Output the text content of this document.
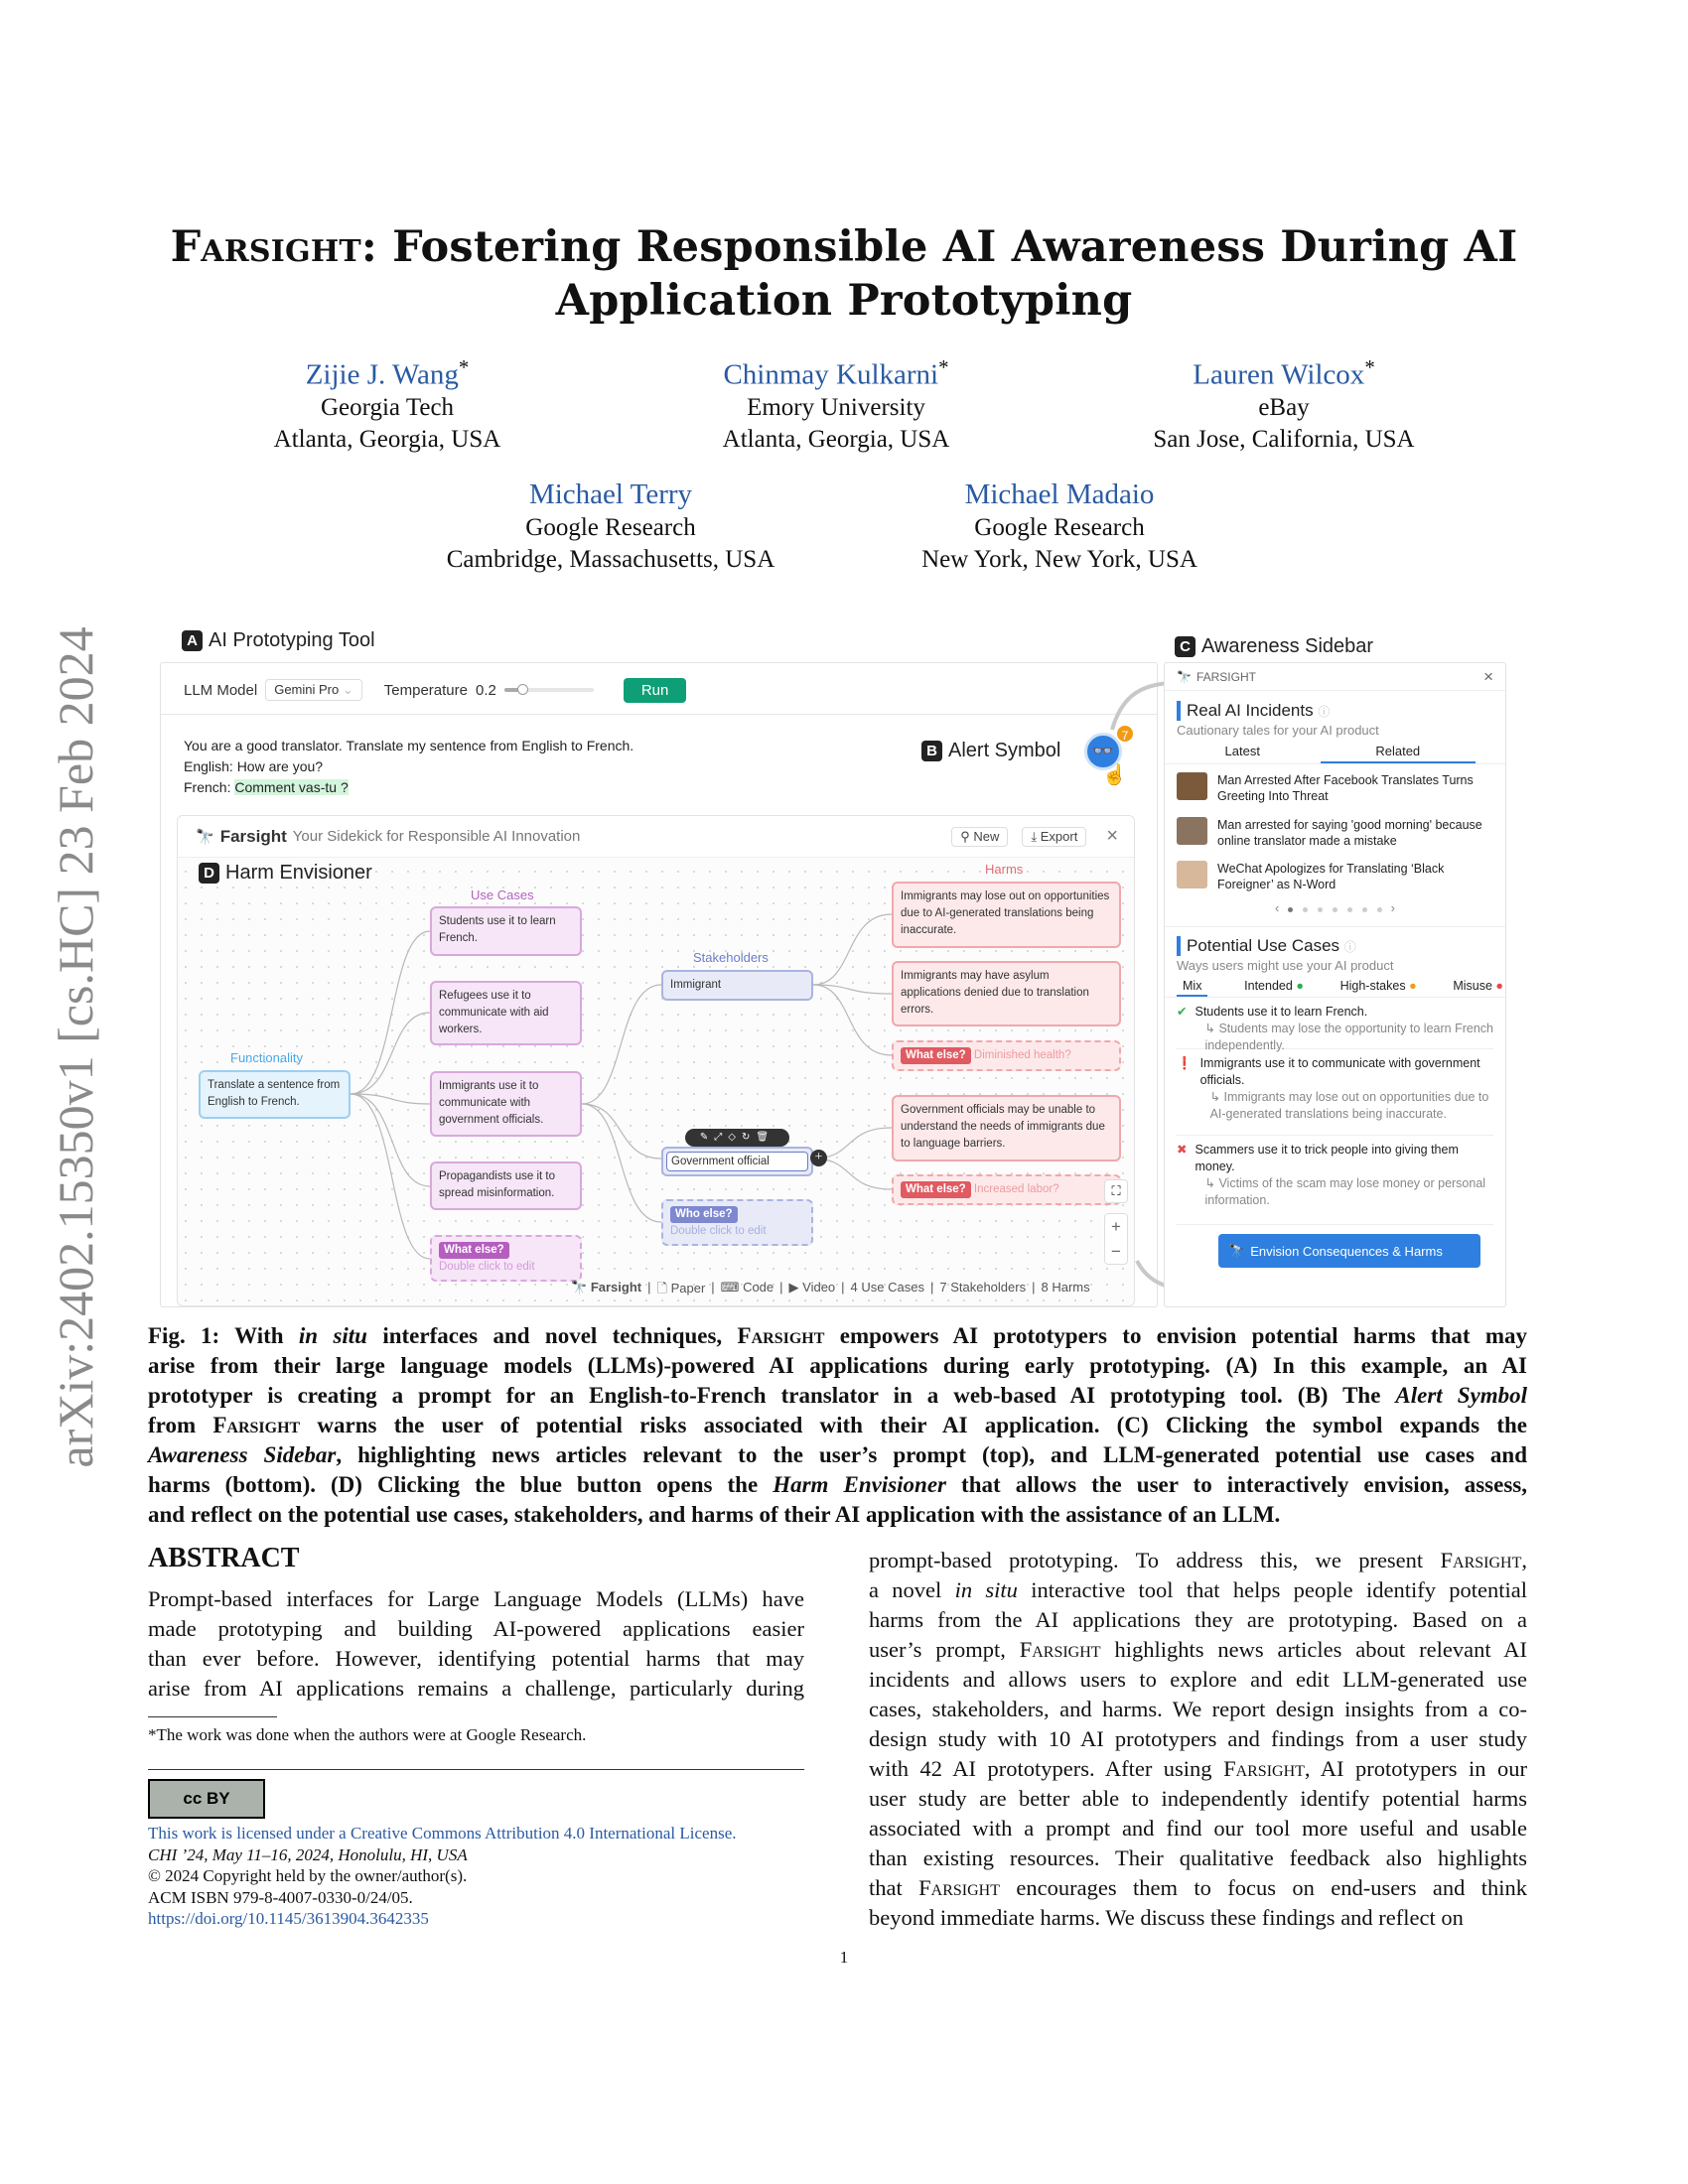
Farsight: Fostering Responsible AI Awareness During AI
Application Prototyping
Zijie J. Wang*
Georgia Tech
Atlanta, Georgia, USA
Chinmay Kulkarni*
Emory University
Atlanta, Georgia, USA
Lauren Wilcox*
eBay
San Jose, California, USA
Michael Terry
Google Research
Cambridge, Massachusetts, USA
Michael Madaio
Google Research
New York, New York, USA
arXiv:2402.15350v1 [cs.HC] 23 Feb 2024	A AI Prototyping Tool
LLM Model	Gemini Pro ⌄	Temperature 0.2	Run
You are a good translator. Translate my sentence from English to French.
English: How are you?
French: Comment vas-tu ?
B Alert Symbol	👓
7
☝
🔭 Farsight Your Sidekick for Responsible AI Innovation	⚲ New	⤓ Export	×
D Harm Envisioner
Functionality
Use Cases
Stakeholders
Harms
Translate a sentence from English to French.
Students use it to learn French.
Refugees use it to communicate with aid workers.
Immigrants use it to communicate with government officials.
Propagandists use it to spread misinformation.
What else?
Double click to edit
Immigrant
✎⤢◇↻🗑
Government official	+
Who else?
Double click to edit
Immigrants may lose out on opportunities due to AI-generated translations being inaccurate.
Immigrants may have asylum applications denied due to translation errors.
What else? Diminished health?
Government officials may be unable to understand the needs of immigrants due to language barriers.
What else? Increased labor?	⛶
+
−
🔭 Farsight | 🗋 Paper | ⌨ Code | ▶ Video | 4 Use Cases | 7 Stakeholders | 8 Harms
C Awareness Sidebar
🔭 FARSIGHT	×
Real AI Incidents ⓘ
Cautionary tales for your AI product
Latest	Related
Man Arrested After Facebook Translates Turns Greeting Into Threat
Man arrested for saying 'good morning' because online translator made a mistake
WeChat Apologizes for Translating ‘Black Foreigner’ as N-Word
‹	›
Potential Use Cases ⓘ
Ways users might use your AI product
Mix	Intended ●	High-stakes ●	Misuse ●
✔ Students use it to learn French.
↳ Students may lose the opportunity to learn French independently.
❗ Immigrants use it to communicate with government officials.
↳ Immigrants may lose out on opportunities due to AI-generated translations being inaccurate.
✖ Scammers use it to trick people into giving them money.
↳ Victims of the scam may lose money or personal information.
🔭 Envision Consequences & Harms
Fig. 1: With in situ interfaces and novel techniques, Farsight empowers AI prototypers to envision potential harms that may
arise from their large language models (LLMs)-powered AI applications during early prototyping. (A) In this example, an AI
prototyper is creating a prompt for an English-to-French translator in a web-based AI prototyping tool. (B) The Alert Symbol
from Farsight warns the user of potential risks associated with their AI application. (C) Clicking the symbol expands the
Awareness Sidebar, highlighting news articles relevant to the user’s prompt (top), and LLM-generated potential use cases and
harms (bottom). (D) Clicking the blue button opens the Harm Envisioner that allows the user to interactively envision, assess,
and reflect on the potential use cases, stakeholders, and harms of their AI application with the assistance of an LLM.
ABSTRACT
Prompt-based interfaces for Large Language Models (LLMs) have
made prototyping and building AI-powered applications easier
than ever before. However, identifying potential harms that may
arise from AI applications remains a challenge, particularly during
prompt-based prototyping. To address this, we present Farsight,
a novel in situ interactive tool that helps people identify potential
harms from the AI applications they are prototyping. Based on a
user’s prompt, Farsight highlights news articles about relevant AI
incidents and allows users to explore and edit LLM-generated use
cases, stakeholders, and harms. We report design insights from a co-
design study with 10 AI prototypers and findings from a user study
with 42 AI prototypers. After using Farsight, AI prototypers in our
user study are better able to independently identify potential harms
associated with a prompt and find our tool more useful and usable
than existing resources. Their qualitative feedback also highlights
that Farsight encourages them to focus on end-users and think
beyond immediate harms. We discuss these findings and reflect on
*The work was done when the authors were at Google Research.
cc BY
This work is licensed under a Creative Commons Attribution 4.0 International License.
CHI ’24, May 11–16, 2024, Honolulu, HI, USA
© 2024 Copyright held by the owner/author(s).
ACM ISBN 979-8-4007-0330-0/24/05.
https://doi.org/10.1145/3613904.3642335
1
